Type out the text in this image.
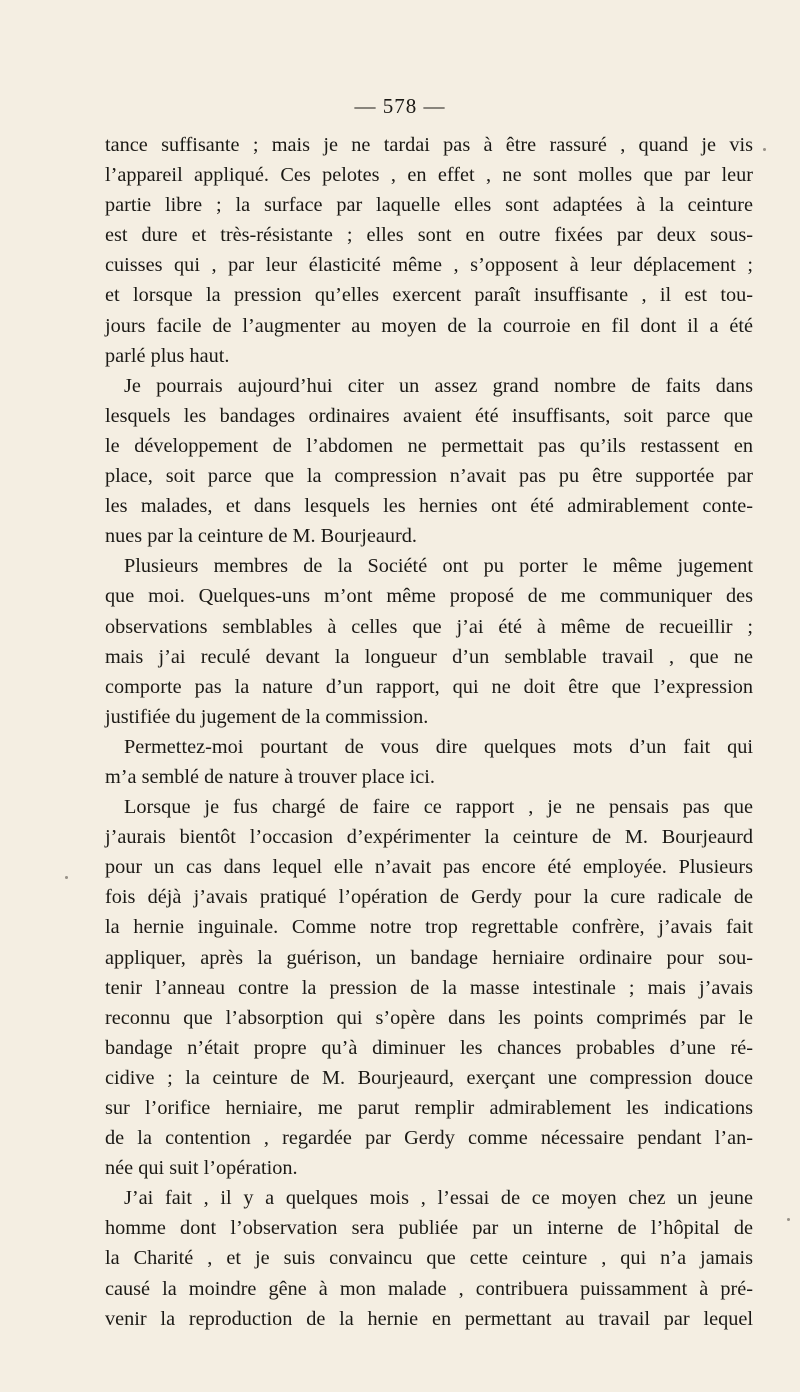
— 578 —
tance suffisante ; mais je ne tardai pas à être rassuré , quand je vis
l’appareil appliqué. Ces pelotes , en effet , ne sont molles que par leur
partie libre ; la surface par laquelle elles sont adaptées à la ceinture
est dure et très-résistante ; elles sont en outre fixées par deux sous-
cuisses qui , par leur élasticité même , s’opposent à leur déplacement ;
et lorsque la pression qu’elles exercent paraît insuffisante , il est tou-
jours facile de l’augmenter au moyen de la courroie en fil dont il a été
parlé plus haut.
Je pourrais aujourd’hui citer un assez grand nombre de faits dans
lesquels les bandages ordinaires avaient été insuffisants, soit parce que
le développement de l’abdomen ne permettait pas qu’ils restassent en
place, soit parce que la compression n’avait pas pu être supportée par
les malades, et dans lesquels les hernies ont été admirablement conte-
nues par la ceinture de M. Bourjeaurd.
Plusieurs membres de la Société ont pu porter le même jugement
que moi. Quelques-uns m’ont même proposé de me communiquer des
observations semblables à celles que j’ai été à même de recueillir ;
mais j’ai reculé devant la longueur d’un semblable travail , que ne
comporte pas la nature d’un rapport, qui ne doit être que l’expression
justifiée du jugement de la commission.
Permettez-moi pourtant de vous dire quelques mots d’un fait qui
m’a semblé de nature à trouver place ici.
Lorsque je fus chargé de faire ce rapport , je ne pensais pas que
j’aurais bientôt l’occasion d’expérimenter la ceinture de M. Bourjeaurd
pour un cas dans lequel elle n’avait pas encore été employée. Plusieurs
fois déjà j’avais pratiqué l’opération de Gerdy pour la cure radicale de
la hernie inguinale. Comme notre trop regrettable confrère, j’avais fait
appliquer, après la guérison, un bandage herniaire ordinaire pour sou-
tenir l’anneau contre la pression de la masse intestinale ; mais j’avais
reconnu que l’absorption qui s’opère dans les points comprimés par le
bandage n’était propre qu’à diminuer les chances probables d’une ré-
cidive ; la ceinture de M. Bourjeaurd, exerçant une compression douce
sur l’orifice herniaire, me parut remplir admirablement les indications
de la contention , regardée par Gerdy comme nécessaire pendant l’an-
née qui suit l’opération.
J’ai fait , il y a quelques mois , l’essai de ce moyen chez un jeune
homme dont l’observation sera publiée par un interne de l’hôpital de
la Charité , et je suis convaincu que cette ceinture , qui n’a jamais
causé la moindre gêne à mon malade , contribuera puissamment à pré-
venir la reproduction de la hernie en permettant au travail par lequel
